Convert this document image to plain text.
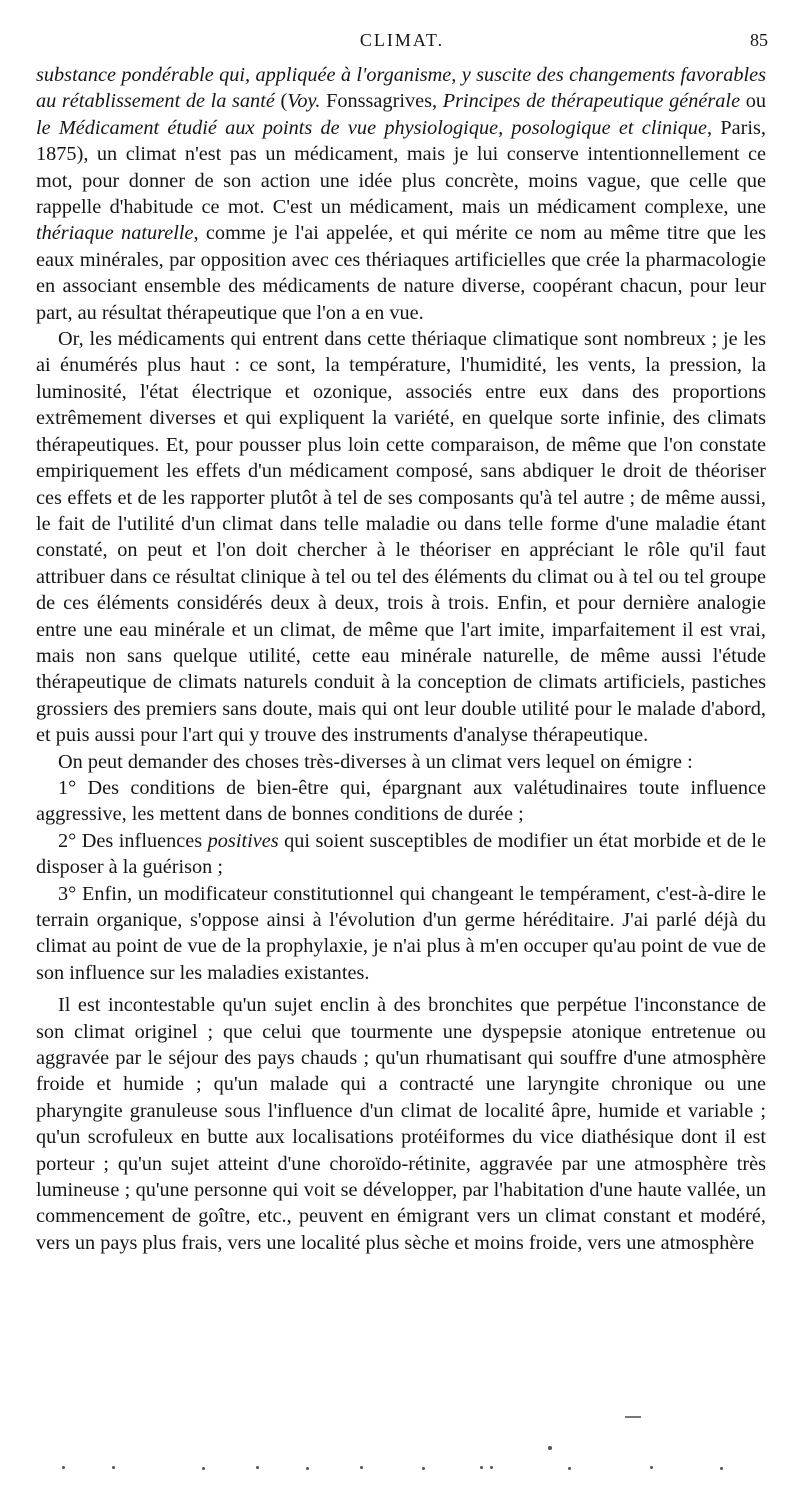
CLIMAT.	85

substance pondérable qui, appliquée à l'organisme, y suscite des changements favorables au rétablissement de la santé (Voy. Fonssagrives, Principes de thérapeutique générale ou le Médicament étudié aux points de vue physiologique, posologique et clinique, Paris, 1875), un climat n'est pas un médicament, mais je lui conserve intentionnellement ce mot, pour donner de son action une idée plus concrète, moins vague, que celle que rappelle d'habitude ce mot. C'est un médicament, mais un médicament complexe, une thériaque naturelle, comme je l'ai appelée, et qui mérite ce nom au même titre que les eaux minérales, par opposition avec ces thériaques artificielles que crée la pharmacologie en associant ensemble des médicaments de nature diverse, coopérant chacun, pour leur part, au résultat thérapeutique que l'on a en vue.

Or, les médicaments qui entrent dans cette thériaque climatique sont nombreux ; je les ai énumérés plus haut : ce sont, la température, l'humidité, les vents, la pression, la luminosité, l'état électrique et ozonique, associés entre eux dans des proportions extrêmement diverses et qui expliquent la variété, en quelque sorte infinie, des climats thérapeutiques. Et, pour pousser plus loin cette comparaison, de même que l'on constate empiriquement les effets d'un médicament composé, sans abdiquer le droit de théoriser ces effets et de les rapporter plutôt à tel de ses composants qu'à tel autre ; de même aussi, le fait de l'utilité d'un climat dans telle maladie ou dans telle forme d'une maladie étant constaté, on peut et l'on doit chercher à le théoriser en appréciant le rôle qu'il faut attribuer dans ce résultat clinique à tel ou tel des éléments du climat ou à tel ou tel groupe de ces éléments considérés deux à deux, trois à trois. Enfin, et pour dernière analogie entre une eau minérale et un climat, de même que l'art imite, imparfaitement il est vrai, mais non sans quelque utilité, cette eau minérale naturelle, de même aussi l'étude thérapeutique de climats naturels conduit à la conception de climats artificiels, pastiches grossiers des premiers sans doute, mais qui ont leur double utilité pour le malade d'abord, et puis aussi pour l'art qui y trouve des instruments d'analyse thérapeutique.

On peut demander des choses très-diverses à un climat vers lequel on émigre :

1° Des conditions de bien-être qui, épargnant aux valétudinaires toute influence aggressive, les mettent dans de bonnes conditions de durée ;

2° Des influences positives qui soient susceptibles de modifier un état morbide et de le disposer à la guérison ;

3° Enfin, un modificateur constitutionnel qui changeant le tempérament, c'est-à-dire le terrain organique, s'oppose ainsi à l'évolution d'un germe héréditaire. J'ai parlé déjà du climat au point de vue de la prophylaxie, je n'ai plus à m'en occuper qu'au point de vue de son influence sur les maladies existantes.

Il est incontestable qu'un sujet enclin à des bronchites que perpétue l'inconstance de son climat originel ; que celui que tourmente une dyspepsie atonique entretenue ou aggravée par le séjour des pays chauds ; qu'un rhumatisant qui souffre d'une atmosphère froide et humide ; qu'un malade qui a contracté une laryngite chronique ou une pharyngite granuleuse sous l'influence d'un climat de localité âpre, humide et variable ; qu'un scrofuleux en butte aux localisations protéiformes du vice diathésique dont il est porteur ; qu'un sujet atteint d'une choroïdo-rétinite, aggravée par une atmosphère très lumineuse ; qu'une personne qui voit se développer, par l'habitation d'une haute vallée, un commencement de goître, etc., peuvent en émigrant vers un climat constant et modéré, vers un pays plus frais, vers une localité plus sèche et moins froide, vers une atmosphère
